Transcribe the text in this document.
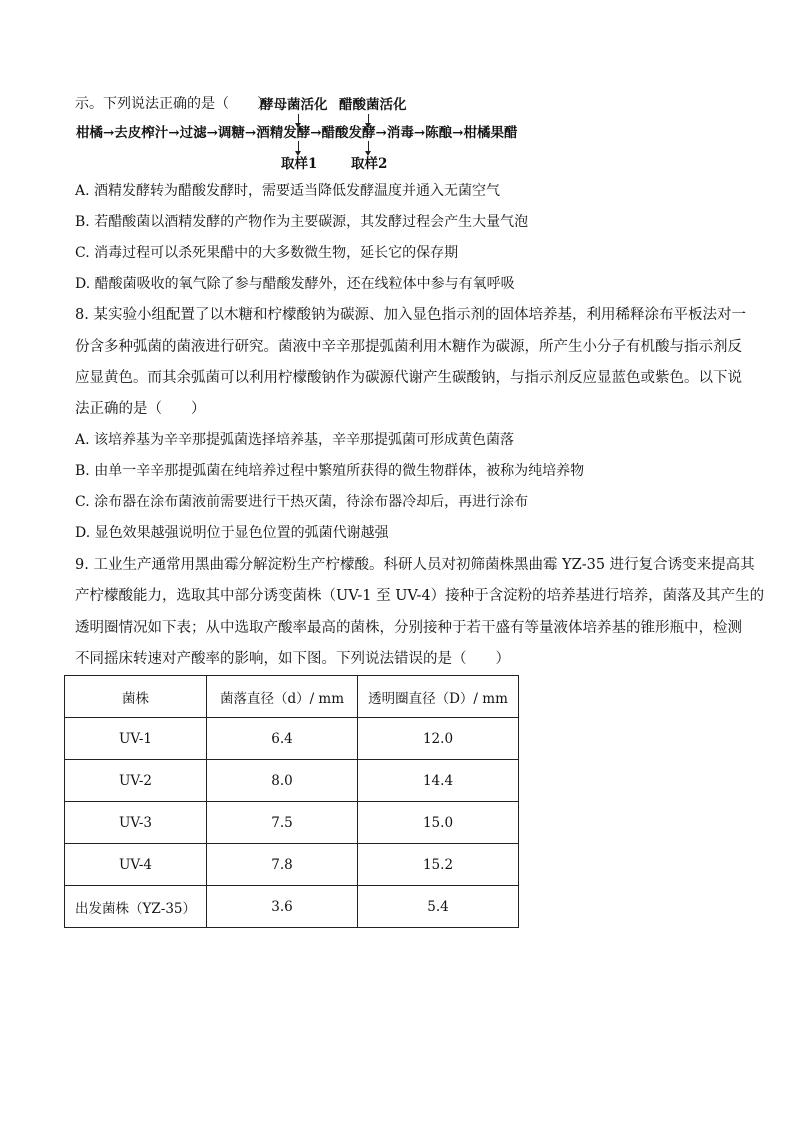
示。下列说法正确的是（　　）
酵母菌活化 醋酸菌活化
柑橘→去皮榨汁→过滤→调糖→酒精发酵→醋酸发酵→消毒→陈酿→柑橘果醋
取样1 取样2
A. 酒精发酵转为醋酸发酵时，需要适当降低发酵温度并通入无菌空气
B. 若醋酸菌以酒精发酵的产物作为主要碳源，其发酵过程会产生大量气泡
C. 消毒过程可以杀死果醋中的大多数微生物，延长它的保存期
D. 醋酸菌吸收的氧气除了参与醋酸发酵外，还在线粒体中参与有氧呼吸
8. 某实验小组配置了以木糖和柠檬酸钠为碳源、加入显色指示剂的固体培养基，利用稀释涂布平板法对一
份含多种弧菌的菌液进行研究。菌液中辛辛那提弧菌利用木糖作为碳源，所产生小分子有机酸与指示剂反
应显黄色。而其余弧菌可以利用柠檬酸钠作为碳源代谢产生碳酸钠，与指示剂反应显蓝色或紫色。以下说
法正确的是（　　）
A. 该培养基为辛辛那提弧菌选择培养基，辛辛那提弧菌可形成黄色菌落
B. 由单一辛辛那提弧菌在纯培养过程中繁殖所获得的微生物群体，被称为纯培养物
C. 涂布器在涂布菌液前需要进行干热灭菌，待涂布器冷却后，再进行涂布
D. 显色效果越强说明位于显色位置的弧菌代谢越强
9. 工业生产通常用黑曲霉分解淀粉生产柠檬酸。科研人员对初筛菌株黑曲霉 YZ-35 进行复合诱变来提高其
产柠檬酸能力，选取其中部分诱变菌株（UV-1 至 UV-4）接种于含淀粉的培养基进行培养，菌落及其产生的
透明圈情况如下表；从中选取产酸率最高的菌株，分别接种于若干盛有等量液体培养基的锥形瓶中，检测
不同摇床转速对产酸率的影响，如下图。下列说法错误的是（　　）
菌株	菌落直径（d）/ mm	透明圈直径（D）/ mm
UV-1	6.4	12.0
UV-2	8.0	14.4
UV-3	7.5	15.0
UV-4	7.8	15.2
出发菌株（YZ-35）	3.6	5.4
